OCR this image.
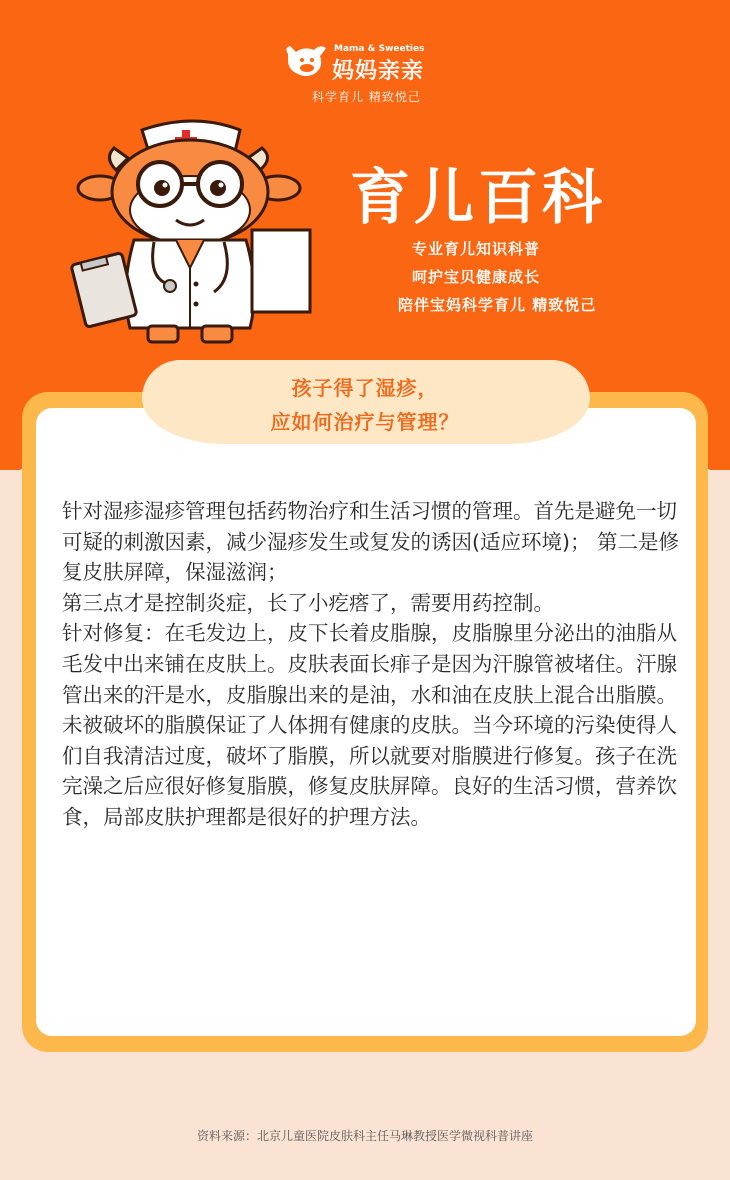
Mama & Sweeties
妈妈亲亲
科学育儿 精致悦己
育儿百科
专业育儿知识科普
呵护宝贝健康成长
陪伴宝妈科学育儿 精致悦己
孩子得了湿疹，
应如何治疗与管理？

针对湿疹湿疹管理包括药物治疗和生活习惯的管理。首先是避免一切可疑的刺激因素，减少湿疹发生或复发的诱因(适应环境)； 第二是修复皮肤屏障，保湿滋润；

第三点才是控制炎症，长了小疙瘩了，需要用药控制。

针对修复：在毛发边上，皮下长着皮脂腺，皮脂腺里分泌出的油脂从毛发中出来铺在皮肤上。皮肤表面长痱子是因为汗腺管被堵住。汗腺管出来的汗是水，皮脂腺出来的是油，水和油在皮肤上混合出脂膜。未被破坏的脂膜保证了人体拥有健康的皮肤。当今环境的污染使得人们自我清洁过度，破坏了脂膜，所以就要对脂膜进行修复。孩子在洗完澡之后应很好修复脂膜，修复皮肤屏障。良好的生活习惯，营养饮食，局部皮肤护理都是很好的护理方法。

资料来源：北京儿童医院皮肤科主任马琳教授医学微视科普讲座
